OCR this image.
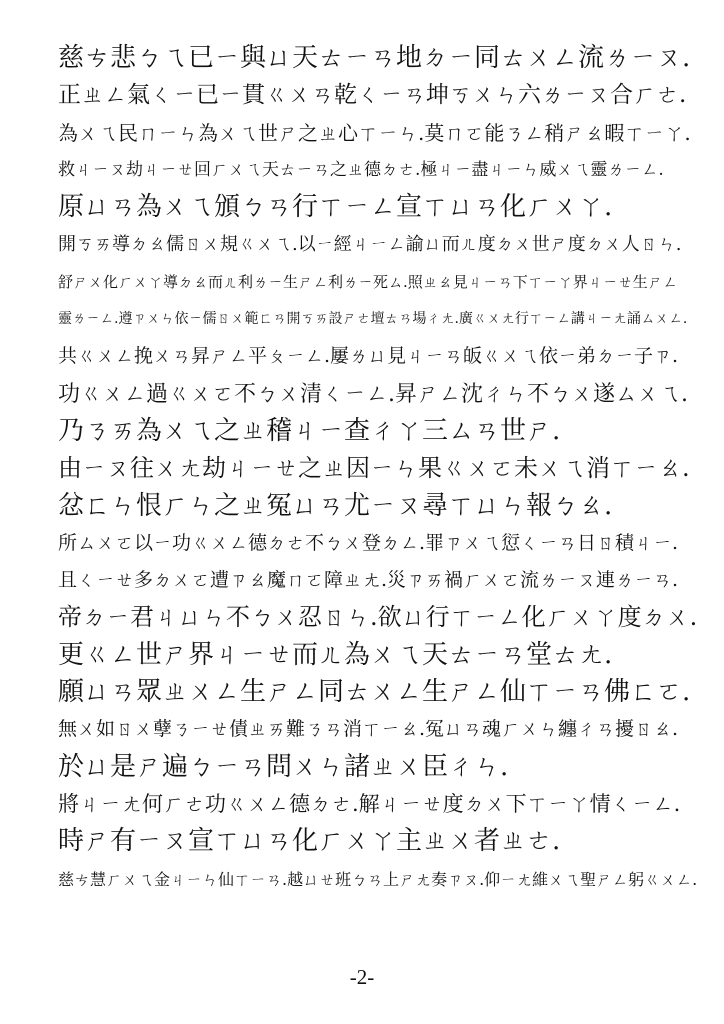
慈ㄘ悲ㄅㄟ已ㄧ與ㄩ天ㄊㄧㄢ地ㄉㄧ同ㄊㄨㄥ流ㄌㄧㄡ.
正ㄓㄥ氣ㄑㄧ已ㄧ貫ㄍㄨㄢ乾ㄑㄧㄢ坤ㄎㄨㄣ六ㄌㄧㄡ合ㄏㄜ.
為ㄨㄟ民ㄇㄧㄣ為ㄨㄟ世ㄕ之ㄓ心ㄒㄧㄣ.莫ㄇㄛ能ㄋㄥ稍ㄕㄠ暇ㄒㄧㄚ.
救ㄐㄧㄡ劫ㄐㄧㄝ回ㄏㄨㄟ天ㄊㄧㄢ之ㄓ德ㄉㄜ.極ㄐㄧ盡ㄐㄧㄣ威ㄨㄟ靈ㄌㄧㄥ.
原ㄩㄢ為ㄨㄟ頒ㄅㄢ行ㄒㄧㄥ宣ㄒㄩㄢ化ㄏㄨㄚ.
開ㄎㄞ導ㄉㄠ儒ㄖㄨ規ㄍㄨㄟ.以ㄧ經ㄐㄧㄥ諭ㄩ而ㄦ度ㄉㄨ世ㄕ度ㄉㄨ人ㄖㄣ.
舒ㄕㄨ化ㄏㄨㄚ導ㄉㄠ而ㄦ利ㄌㄧ生ㄕㄥ利ㄌㄧ死ㄙ.照ㄓㄠ見ㄐㄧㄢ下ㄒㄧㄚ界ㄐㄧㄝ生ㄕㄥ
靈ㄌㄧㄥ.遵ㄗㄨㄣ依ㄧ儒ㄖㄨ範ㄈㄢ開ㄎㄞ設ㄕㄜ壇ㄊㄢ場ㄔㄤ.廣ㄍㄨㄤ行ㄒㄧㄥ講ㄐㄧㄤ誦ㄙㄨㄥ.
共ㄍㄨㄥ挽ㄨㄢ昇ㄕㄥ平ㄆㄧㄥ.屢ㄌㄩ見ㄐㄧㄢ皈ㄍㄨㄟ依ㄧ弟ㄉㄧ子ㄗ.
功ㄍㄨㄥ過ㄍㄨㄛ不ㄅㄨ清ㄑㄧㄥ.昇ㄕㄥ沈ㄔㄣ不ㄅㄨ遂ㄙㄨㄟ.
乃ㄋㄞ為ㄨㄟ之ㄓ稽ㄐㄧ查ㄔㄚ三ㄙㄢ世ㄕ.
由ㄧㄡ往ㄨㄤ劫ㄐㄧㄝ之ㄓ因ㄧㄣ果ㄍㄨㄛ未ㄨㄟ消ㄒㄧㄠ.
忿ㄈㄣ恨ㄏㄣ之ㄓ冤ㄩㄢ尤ㄧㄡ尋ㄒㄩㄣ報ㄅㄠ.
所ㄙㄨㄛ以ㄧ功ㄍㄨㄥ德ㄉㄜ不ㄅㄨ登ㄉㄥ.罪ㄗㄨㄟ愆ㄑㄧㄢ日ㄖ積ㄐㄧ.
且ㄑㄧㄝ多ㄉㄨㄛ遭ㄗㄠ魔ㄇㄛ障ㄓㄤ.災ㄗㄞ禍ㄏㄨㄛ流ㄌㄧㄡ連ㄌㄧㄢ.
帝ㄉㄧ君ㄐㄩㄣ不ㄅㄨ忍ㄖㄣ.欲ㄩ行ㄒㄧㄥ化ㄏㄨㄚ度ㄉㄨ.
更ㄍㄥ世ㄕ界ㄐㄧㄝ而ㄦ為ㄨㄟ天ㄊㄧㄢ堂ㄊㄤ.
願ㄩㄢ眾ㄓㄨㄥ生ㄕㄥ同ㄊㄨㄥ生ㄕㄥ仙ㄒㄧㄢ佛ㄈㄛ.
無ㄨ如ㄖㄨ孽ㄋㄧㄝ債ㄓㄞ難ㄋㄢ消ㄒㄧㄠ.冤ㄩㄢ魂ㄏㄨㄣ纏ㄔㄢ擾ㄖㄠ.
於ㄩ是ㄕ遍ㄅㄧㄢ問ㄨㄣ諸ㄓㄨ臣ㄔㄣ.
將ㄐㄧㄤ何ㄏㄜ功ㄍㄨㄥ德ㄉㄜ.解ㄐㄧㄝ度ㄉㄨ下ㄒㄧㄚ情ㄑㄧㄥ.
時ㄕ有ㄧㄡ宣ㄒㄩㄢ化ㄏㄨㄚ主ㄓㄨ者ㄓㄜ.
慈ㄘ慧ㄏㄨㄟ金ㄐㄧㄣ仙ㄒㄧㄢ.越ㄩㄝ班ㄅㄢ上ㄕㄤ奏ㄗㄡ.仰ㄧㄤ維ㄨㄟ聖ㄕㄥ躬ㄍㄨㄥ.
-2-
